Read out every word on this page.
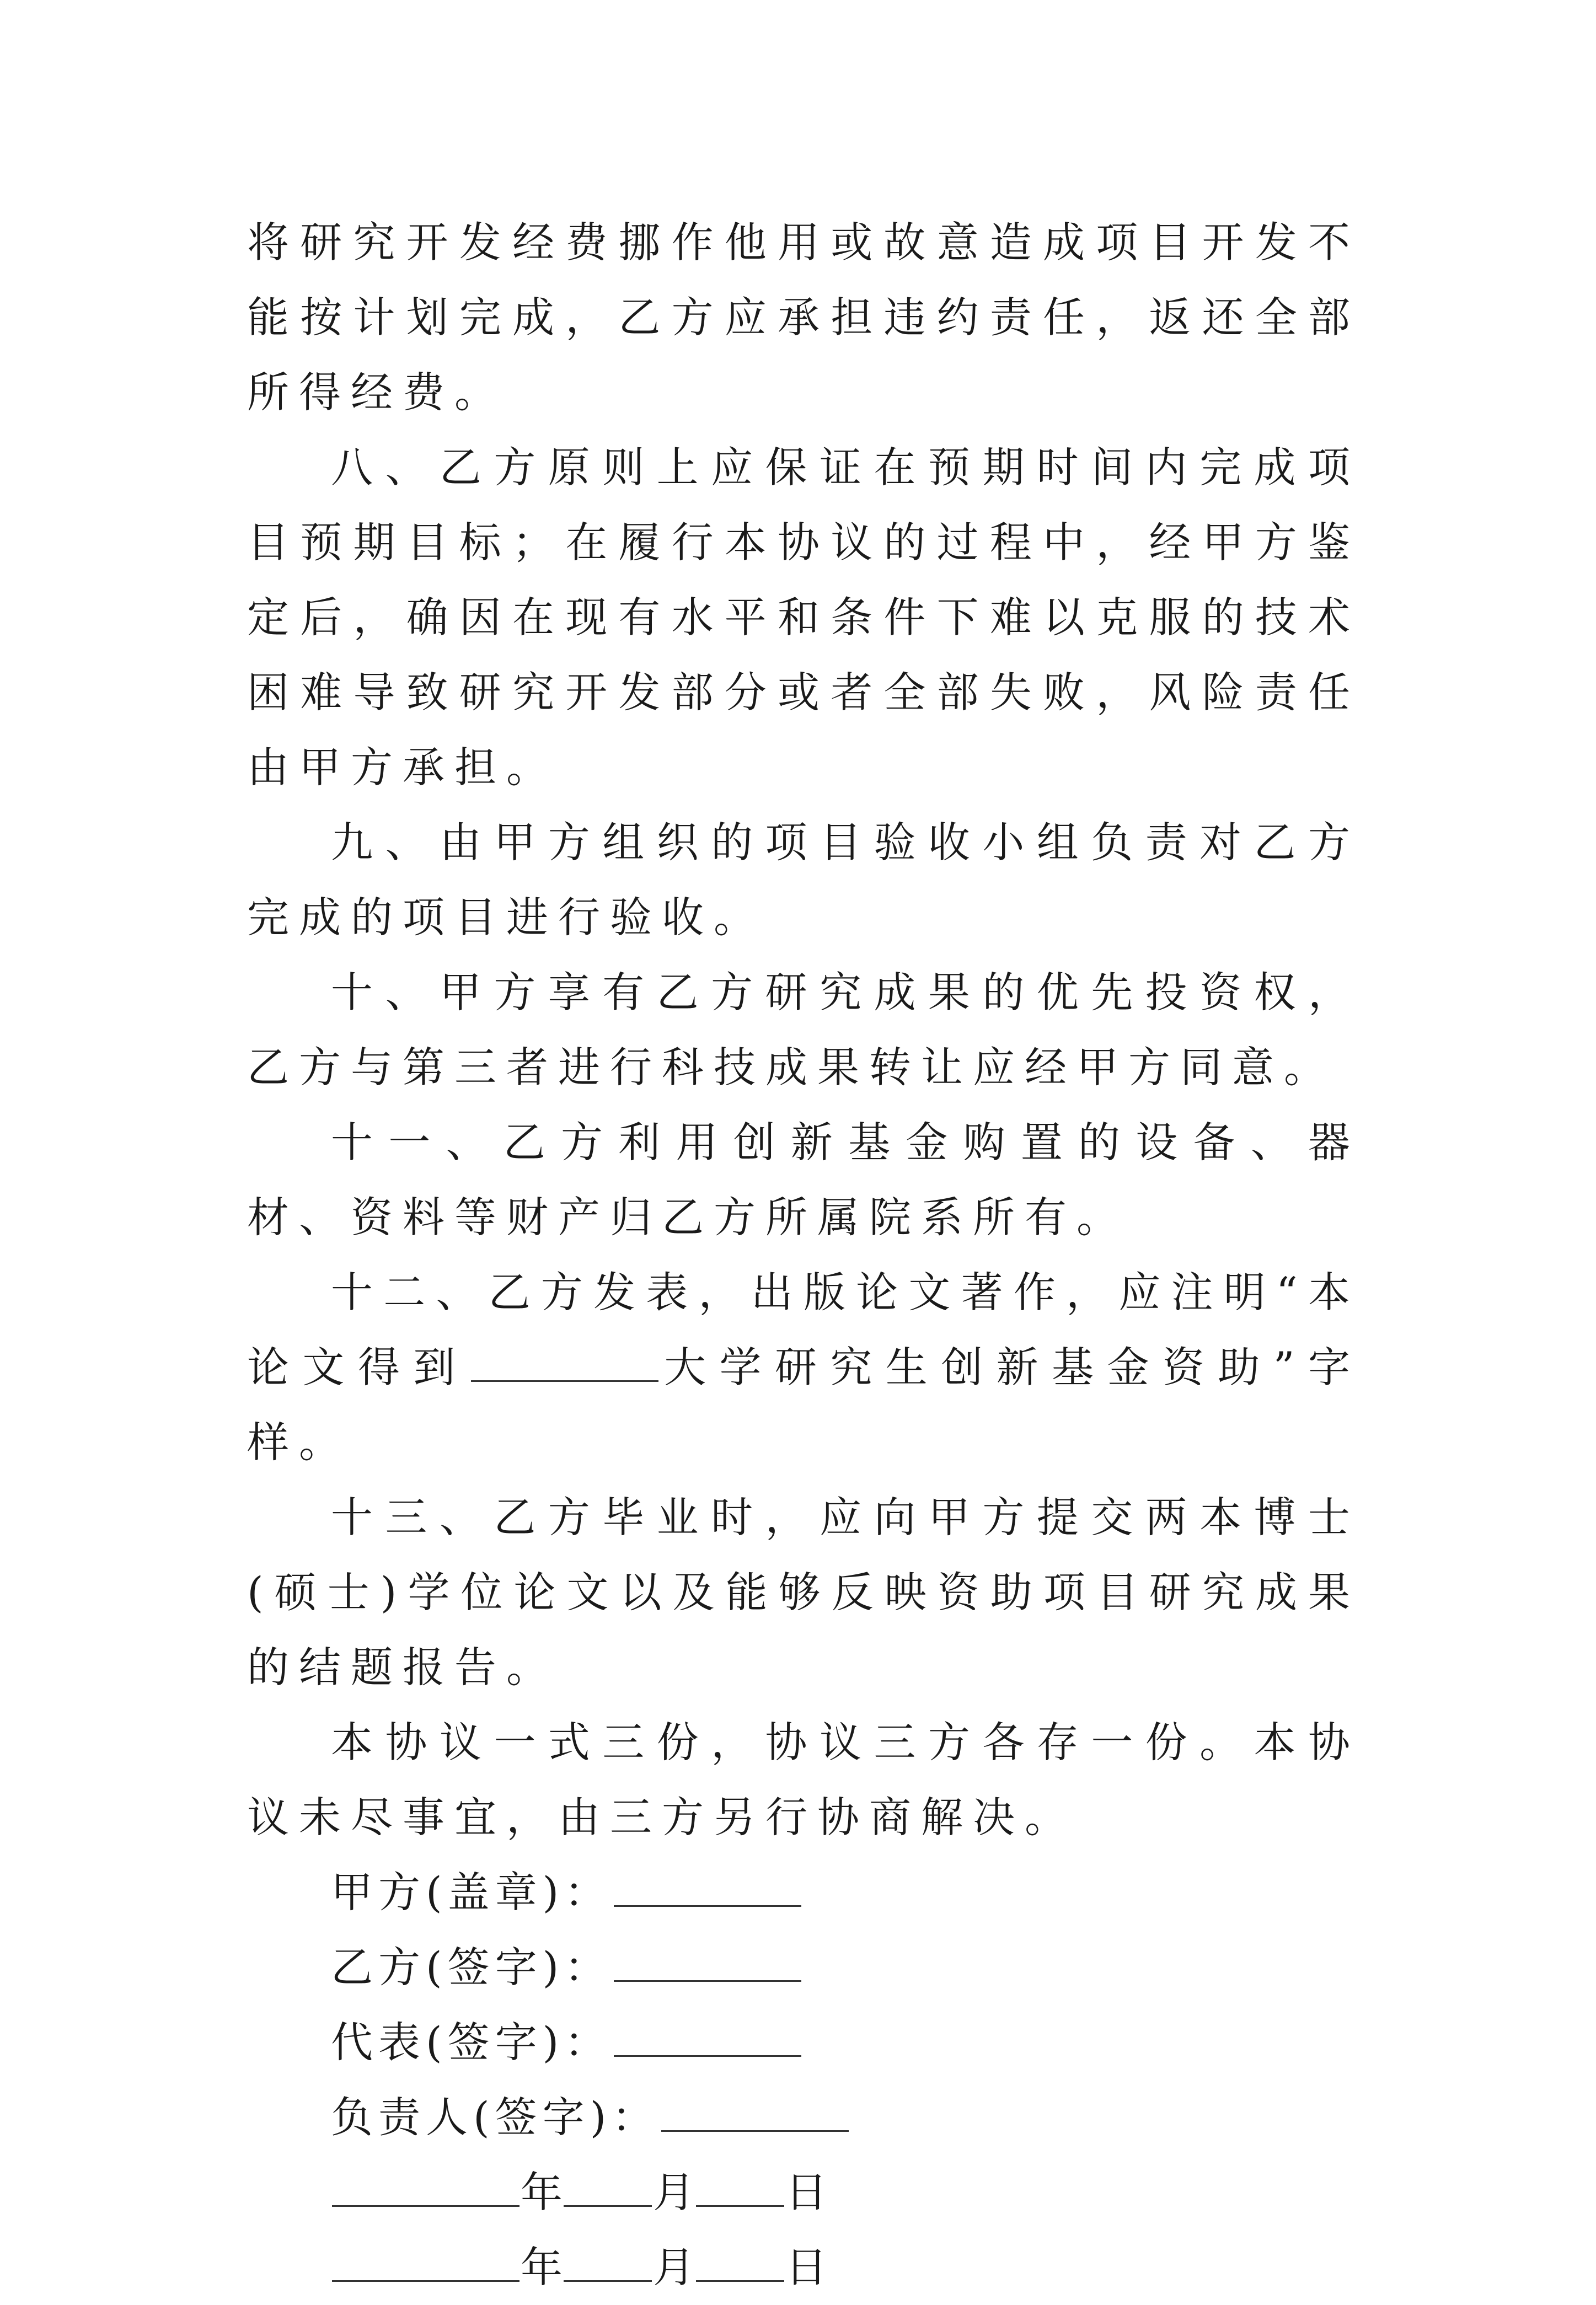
将研究开发经费挪作他用或故意造成项目开发不能按计划完成，乙方应承担违约责任，返还全部所得经费。

八、乙方原则上应保证在预期时间内完成项目预期目标；在履行本协议的过程中，经甲方鉴定后，确因在现有水平和条件下难以克服的技术困难导致研究开发部分或者全部失败，风险责任由甲方承担。

九、由甲方组织的项目验收小组负责对乙方完成的项目进行验收。

十、甲方享有乙方研究成果的优先投资权，乙方与第三者进行科技成果转让应经甲方同意。

十一、乙方利用创新基金购置的设备、器材、资料等财产归乙方所属院系所有。

十二、乙方发表，出版论文著作，应注明“本论文得到	大学研究生创新基金资助”字样。

十三、乙方毕业时，应向甲方提交两本博士(硕士)学位论文以及能够反映资助项目研究成果的结题报告。

本协议一式三份，协议三方各存一份。本协议未尽事宜，由三方另行协商解决。

甲方(盖章)：

乙方(签字)：

代表(签字)：

负责人(签字)：

年 月 日

年 月 日
